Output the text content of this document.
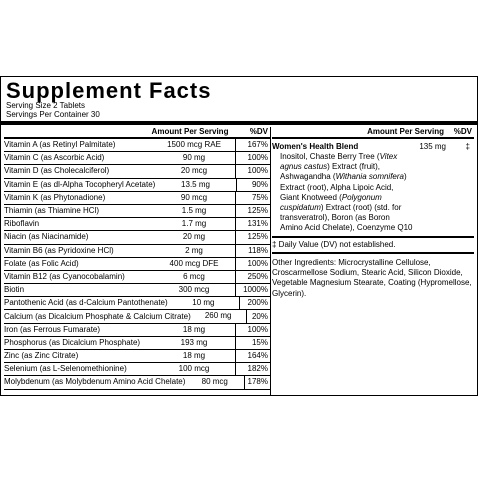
Supplement Facts
Serving Size 2 Tablets
Servings Per Container 30
Amount Per Serving	%DV
Vitamin A (as Retinyl Palmitate)	1500 mcg RAE	167%
Vitamin C (as Ascorbic Acid)	90 mg	100%
Vitamin D (as Cholecalciferol)	20 mcg	100%
Vitamin E (as dl-Alpha Tocopheryl Acetate)	13.5 mg	90%
Vitamin K (as Phytonadione)	90 mcg	75%
Thiamin (as Thiamine HCl)	1.5 mg	125%
Riboflavin	1.7 mg	131%
Niacin (as Niacinamide)	20 mg	125%
Vitamin B6 (as Pyridoxine HCl)	2 mg	118%
Folate (as Folic Acid)	400 mcg DFE	100%
Vitamin B12 (as Cyanocobalamin)	6 mcg	250%
Biotin	300 mcg	1000%
Pantothenic Acid (as d-Calcium Pantothenate)	10 mg	200%
Calcium (as Dicalcium Phosphate & Calcium Citrate)	260 mg	20%
Iron (as Ferrous Fumarate)	18 mg	100%
Phosphorus (as Dicalcium Phosphate)	193 mg	15%
Zinc (as Zinc Citrate)	18 mg	164%
Selenium (as L-Selenomethionine)	100 mcg	182%
Molybdenum (as Molybdenum Amino Acid Chelate)	80 mcg	178%
Amount Per Serving	%DV
Women's Health Blend	135 mg	‡
Inositol, Chaste Berry Tree (Vitex agnus castus) Extract (fruit), Ashwagandha (Withania somnifera) Extract (root), Alpha Lipoic Acid, Giant Knotweed (Polygonum cuspidatum) Extract (root) (std. for transveratrol), Boron (as Boron Amino Acid Chelate), Coenzyme Q10
‡ Daily Value (DV) not established.
Other Ingredients: Microcrystalline Cellulose, Croscarmellose Sodium, Stearic Acid, Silicon Dioxide, Vegetable Magnesium Stearate, Coating (Hypromellose, Glycerin).
